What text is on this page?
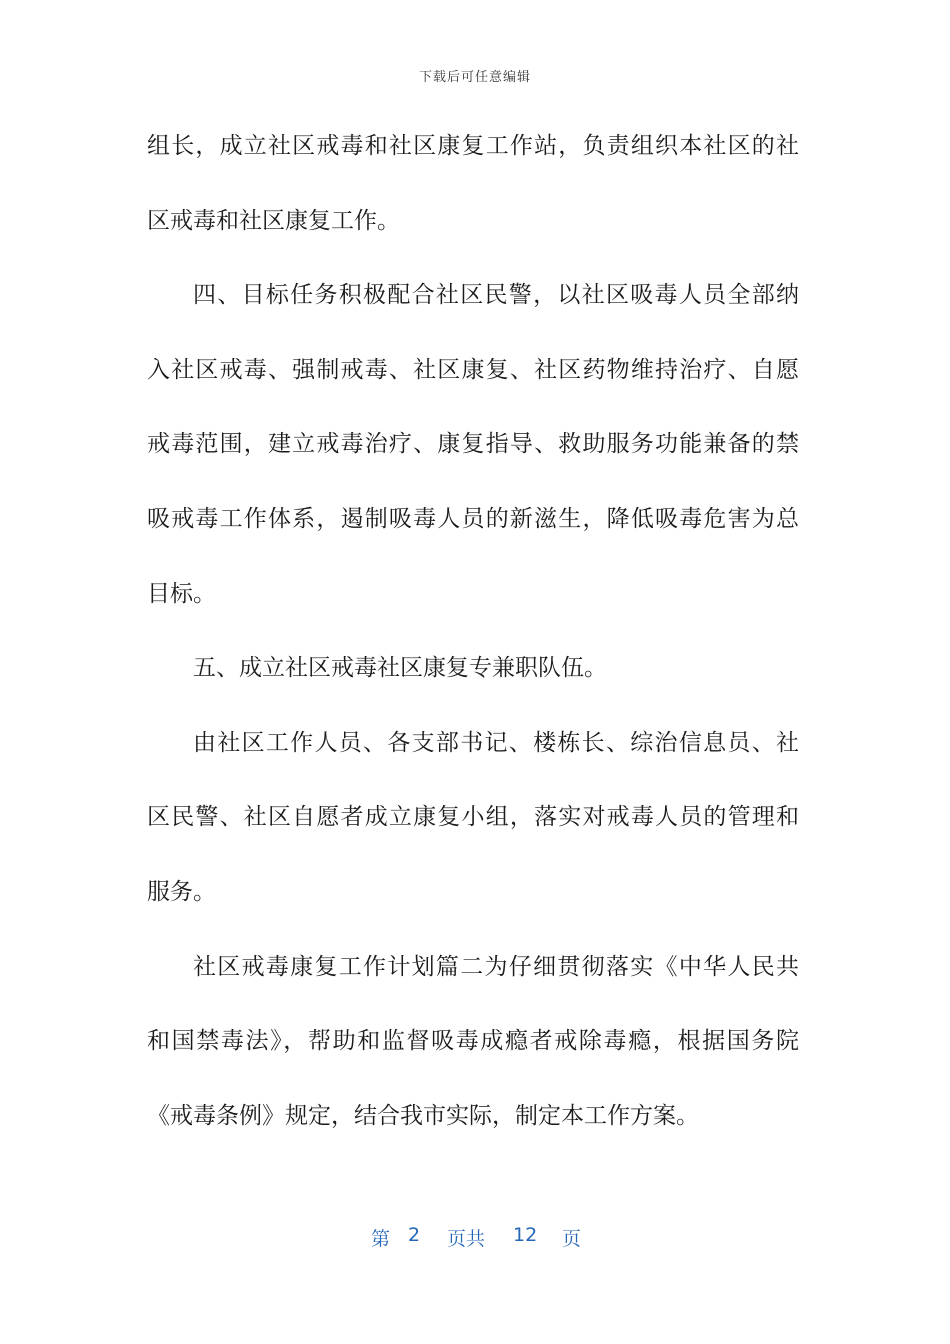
下载后可任意编辑
组长，成立社区戒毒和社区康复工作站，负责组织本社区的社
区戒毒和社区康复工作。
四、目标任务积极配合社区民警，以社区吸毒人员全部纳
入社区戒毒、强制戒毒、社区康复、社区药物维持治疗、自愿
戒毒范围，建立戒毒治疗、康复指导、救助服务功能兼备的禁
吸戒毒工作体系，遏制吸毒人员的新滋生，降低吸毒危害为总
目标。
五、成立社区戒毒社区康复专兼职队伍。
由社区工作人员、各支部书记、楼栋长、综治信息员、社
区民警、社区自愿者成立康复小组，落实对戒毒人员的管理和
服务。
社区戒毒康复工作计划篇二为仔细贯彻落实《中华人民共
和国禁毒法》，帮助和监督吸毒成瘾者戒除毒瘾，根据国务院
《戒毒条例》规定，结合我市实际，制定本工作方案。
第 2 页共 12 页
